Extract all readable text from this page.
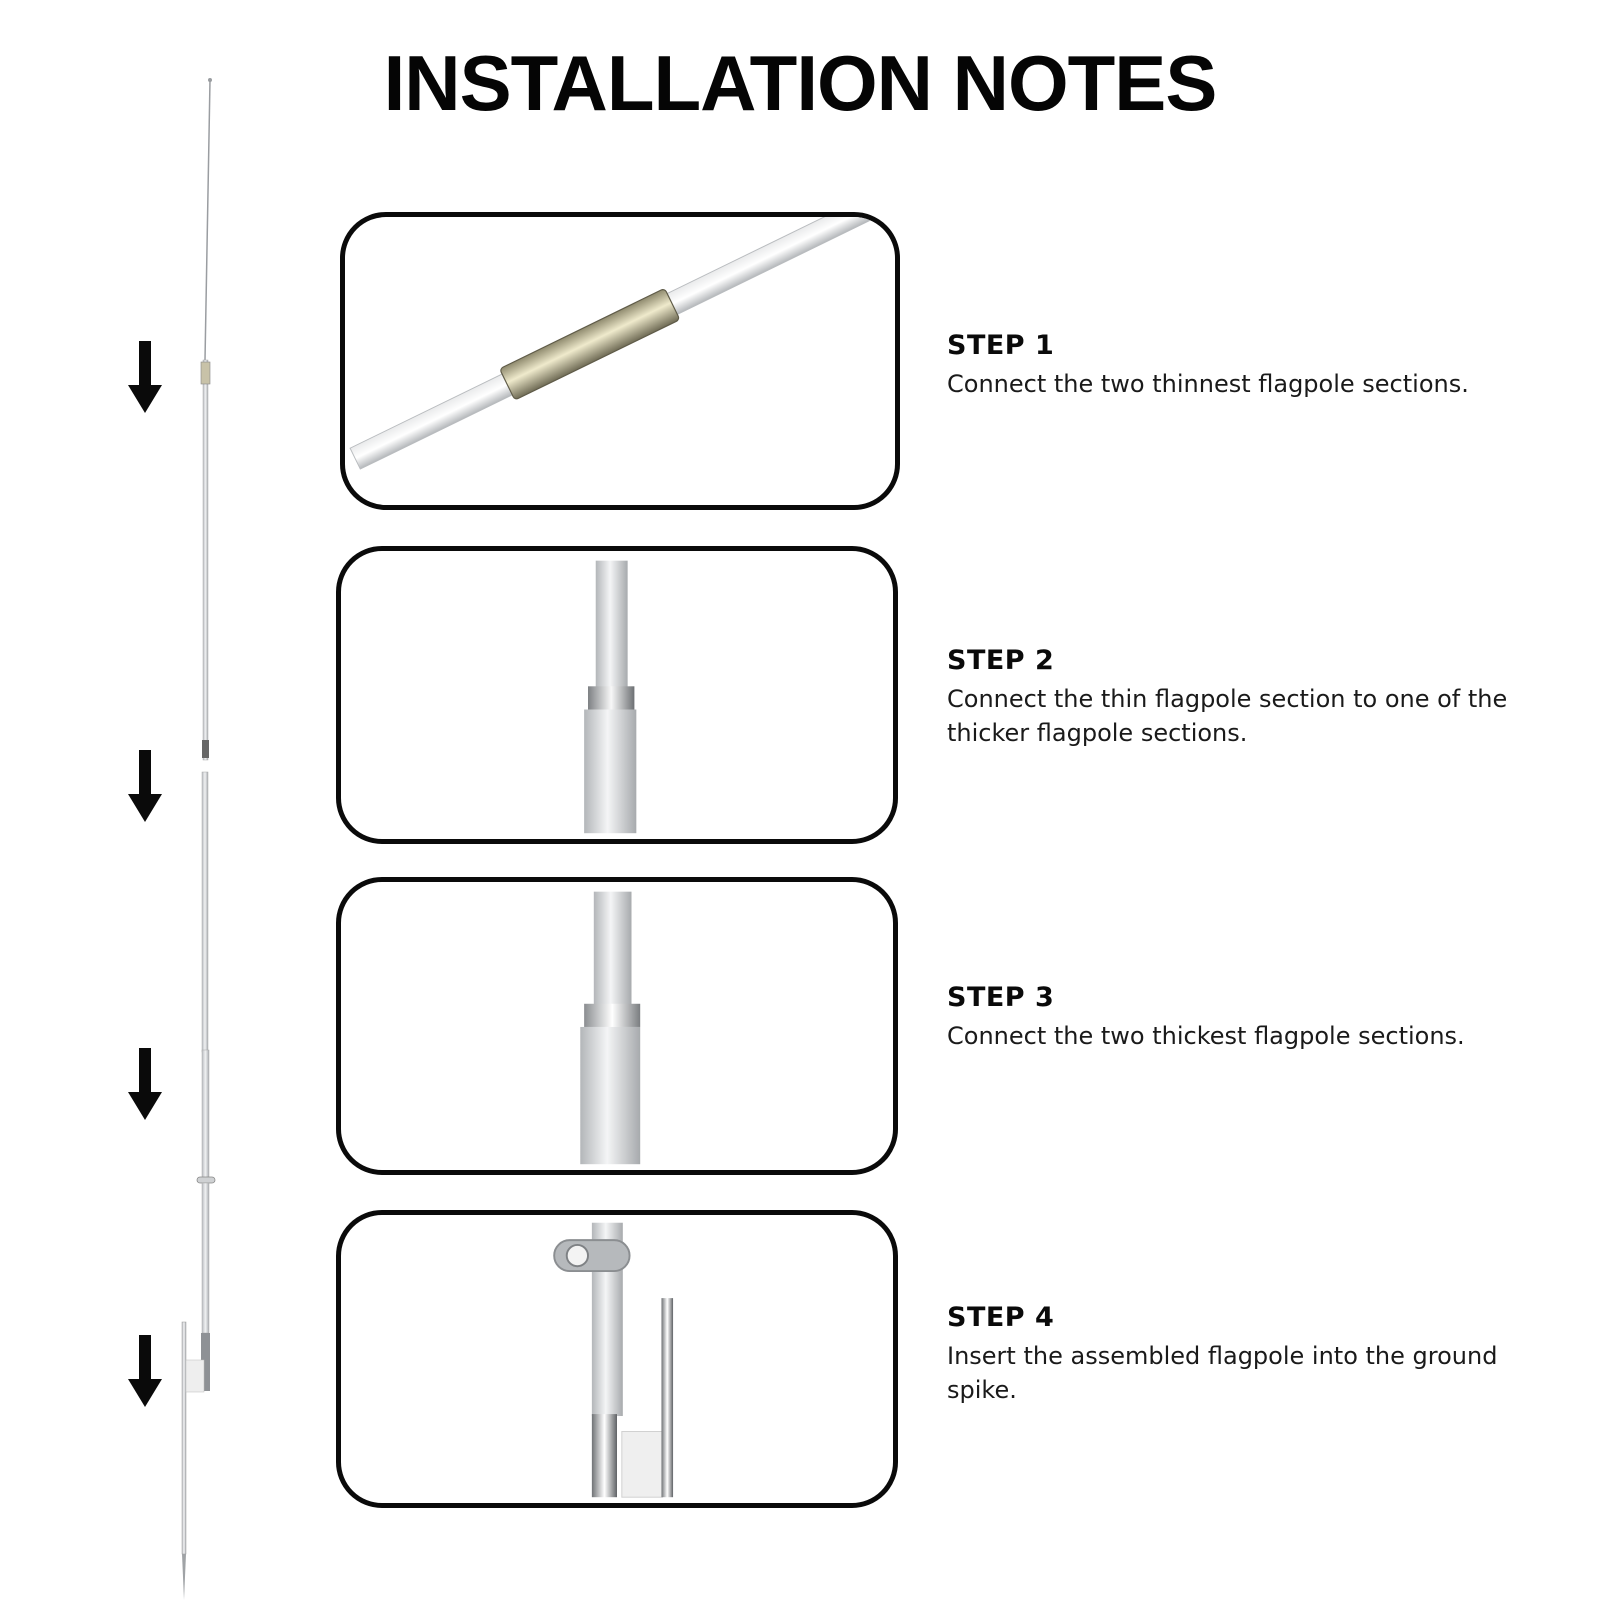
INSTALLATION NOTES

STEP 1

Connect the two thinnest flagpole sections.

STEP 2

Connect the thin flagpole section to one of the thicker flagpole sections.

STEP 3

Connect the two thickest flagpole sections.

STEP 4

Insert the assembled flagpole into the ground spike.
